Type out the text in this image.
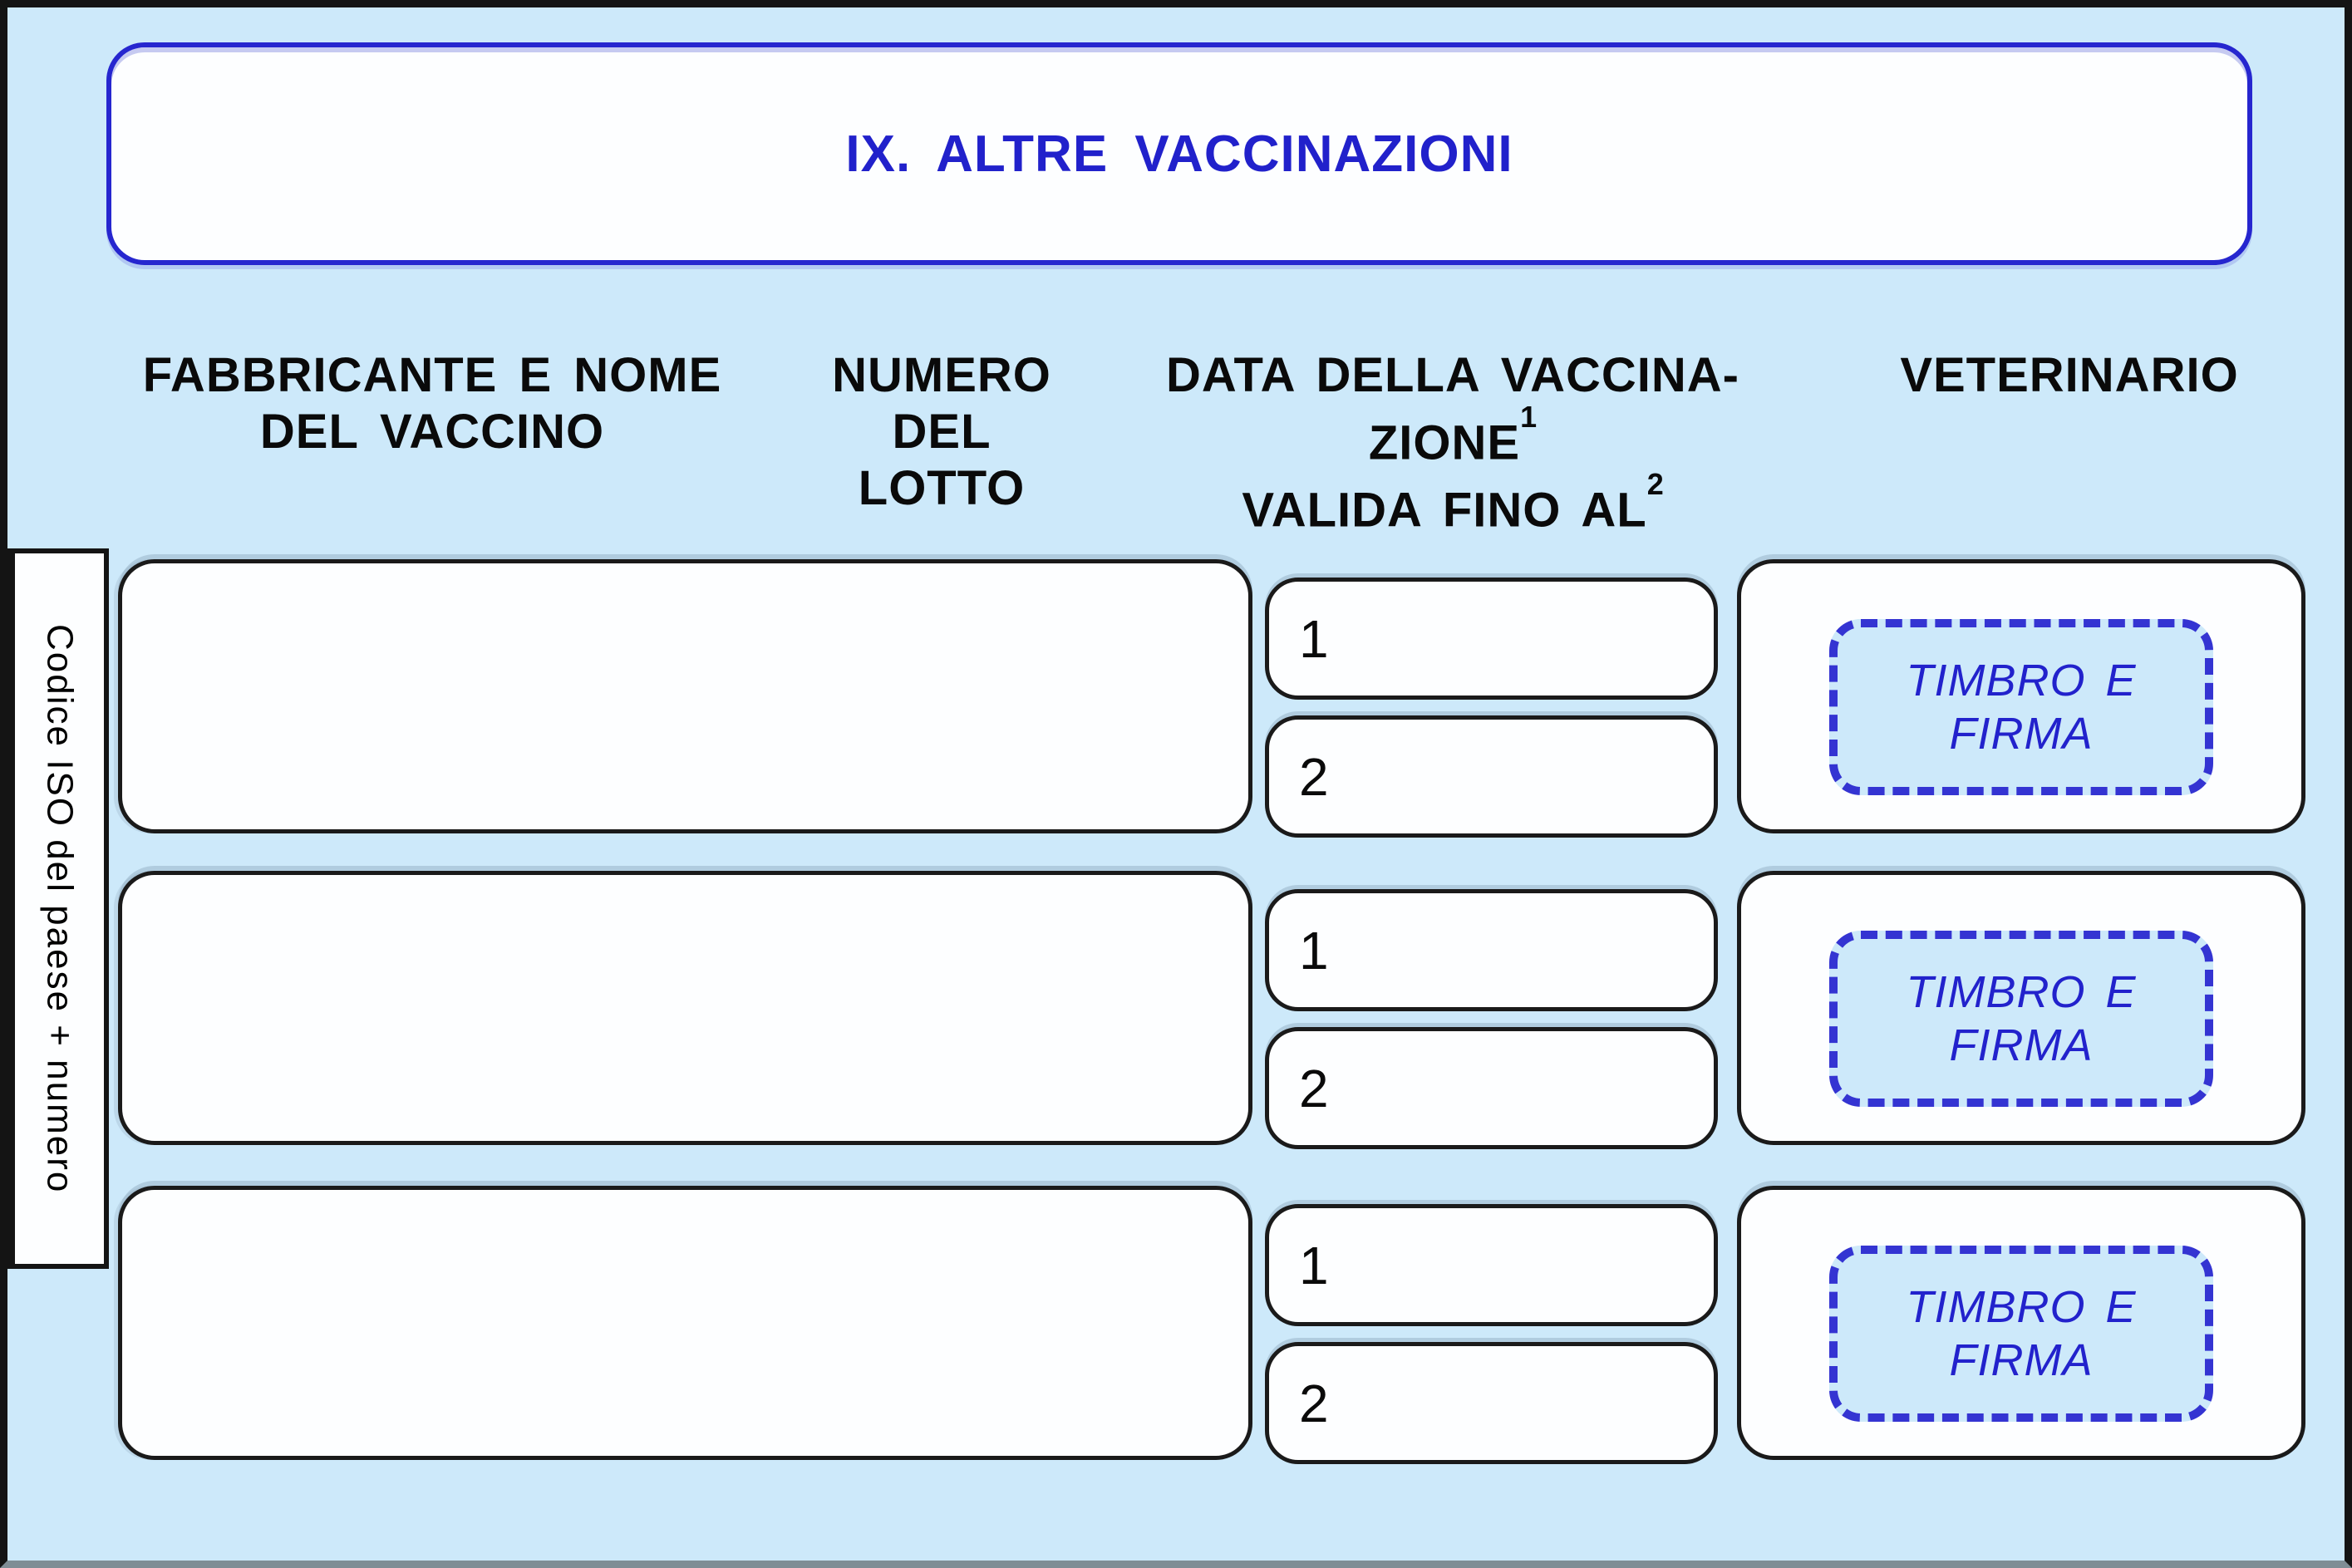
IX. ALTRE VACCINAZIONI
FABBRICANTE E NOME
DEL VACCINO
NUMERO
DEL
LOTTO
DATA DELLA VACCINA-
ZIONE$^1$
VALIDA FINO $AL^2$
VETERINARIO
Codice ISO del paese + numero	1
2
TIMBRO E
FIRMA
1
2
TIMBRO E
FIRMA
1
2
TIMBRO E
FIRMA
